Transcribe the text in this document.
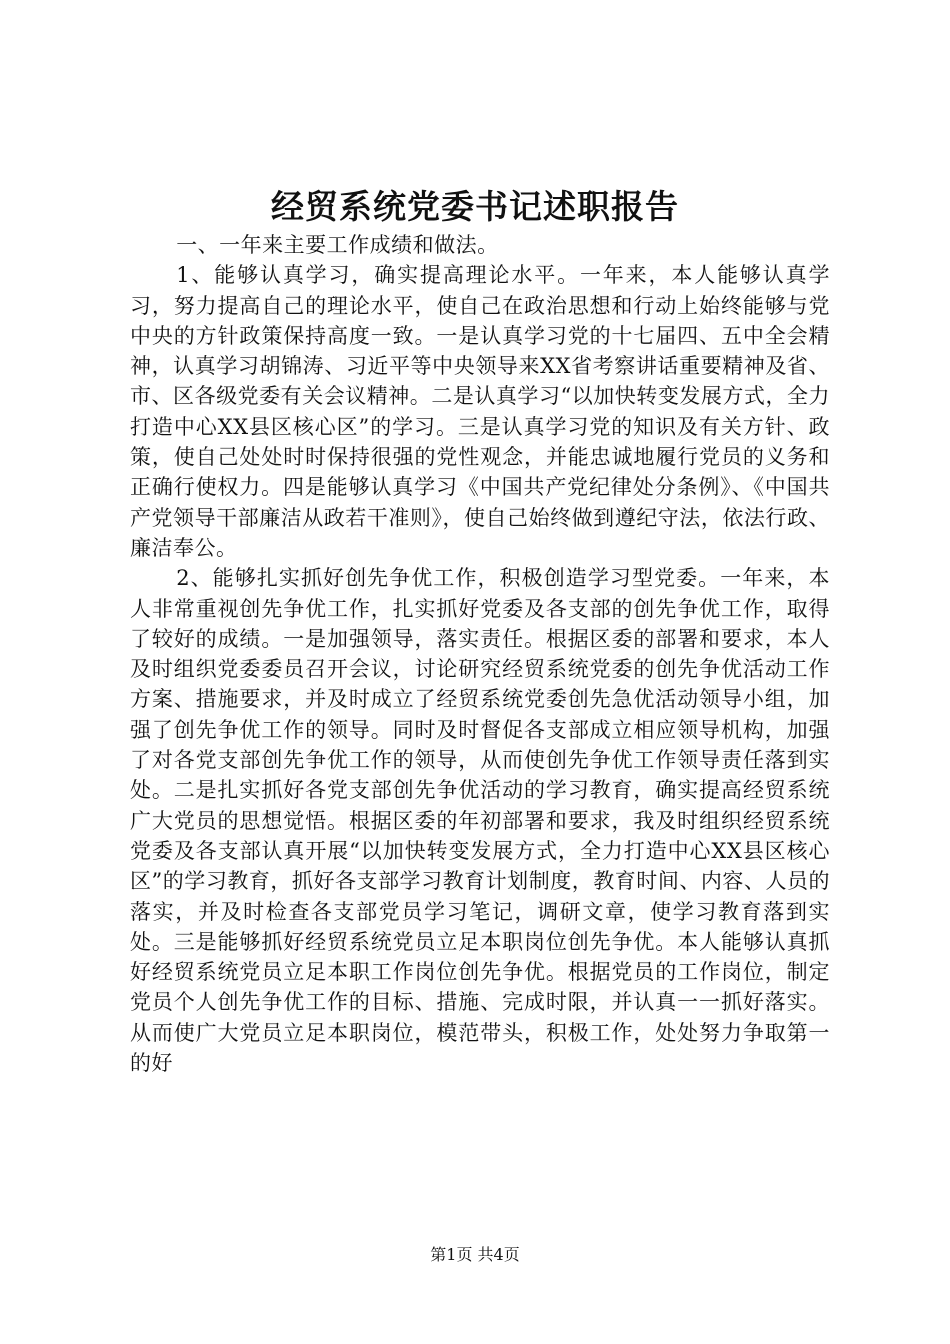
经贸系统党委书记述职报告

一、一年来主要工作成绩和做法。

1、能够认真学习，确实提高理论水平。一年来，本人能够认真学习，努力提高自己的理论水平，使自己在政治思想和行动上始终能够与党中央的方针政策保持高度一致。一是认真学习党的十七届四、五中全会精神，认真学习胡锦涛、习近平等中央领导来XX省考察讲话重要精神及省、市、区各级党委有关会议精神。二是认真学习“以加快转变发展方式，全力打造中心XX县区核心区”的学习。三是认真学习党的知识及有关方针、政策，使自己处处时时保持很强的党性观念，并能忠诚地履行党员的义务和正确行使权力。四是能够认真学习《中国共产党纪律处分条例》、《中国共产党领导干部廉洁从政若干准则》，使自己始终做到遵纪守法，依法行政、廉洁奉公。

2、能够扎实抓好创先争优工作，积极创造学习型党委。一年来，本人非常重视创先争优工作，扎实抓好党委及各支部的创先争优工作，取得了较好的成绩。一是加强领导，落实责任。根据区委的部署和要求，本人及时组织党委委员召开会议，讨论研究经贸系统党委的创先争优活动工作方案、措施要求，并及时成立了经贸系统党委创先急优活动领导小组，加强了创先争优工作的领导。同时及时督促各支部成立相应领导机构，加强了对各党支部创先争优工作的领导，从而使创先争优工作领导责任落到实处。二是扎实抓好各党支部创先争优活动的学习教育，确实提高经贸系统广大党员的思想觉悟。根据区委的年初部署和要求，我及时组织经贸系统党委及各支部认真开展“以加快转变发展方式，全力打造中心XX县区核心区”的学习教育，抓好各支部学习教育计划制度，教育时间、内容、人员的落实，并及时检查各支部党员学习笔记，调研文章，使学习教育落到实处。三是能够抓好经贸系统党员立足本职岗位创先争优。本人能够认真抓好经贸系统党员立足本职工作岗位创先争优。根据党员的工作岗位，制定党员个人创先争优工作的目标、措施、完成时限，并认真一一抓好落实。从而使广大党员立足本职岗位，模范带头，积极工作，处处努力争取第一的好

第1页 共4页
